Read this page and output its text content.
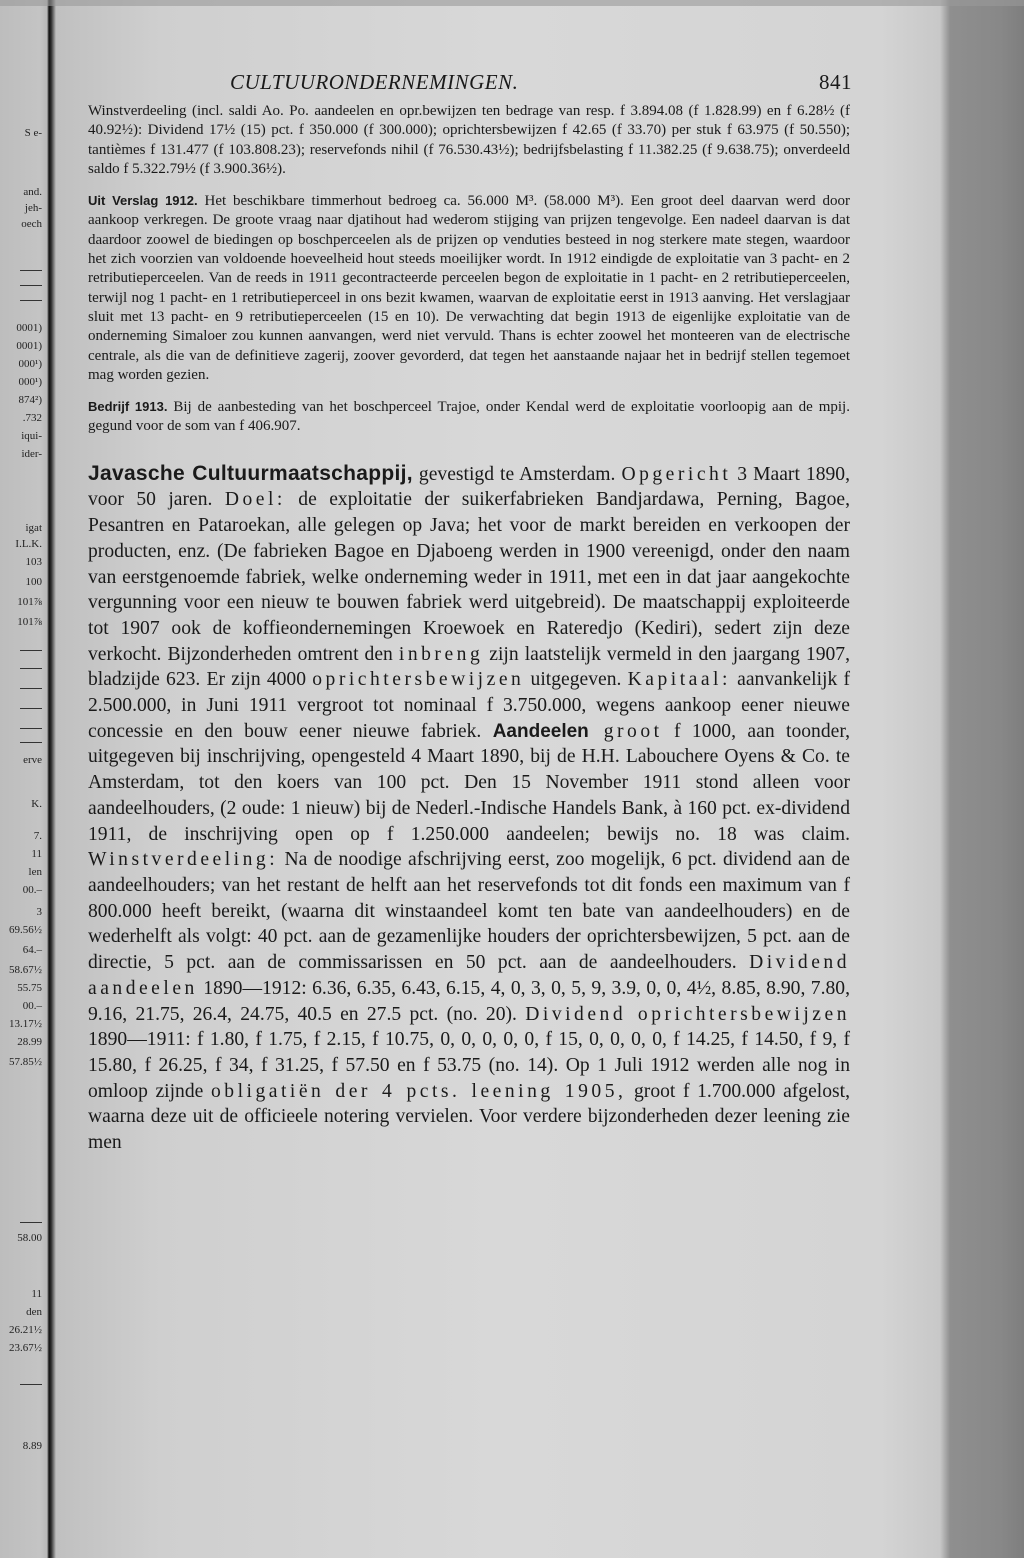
S e-
and.
jeh-
oech
0001)
0001)
000¹)
000¹)
874²)
.732
iqui-
ider-
igat
I.L.K.
103
100
101⅞
101⅞
erve
K.
7.
11
len
00.–
3
69.56½
64.–
58.67½
55.75
00.–
13.17½
28.99
57.85½
58.00
11
den
26.21½
23.67½
8.89
CULTUURONDERNEMINGEN.	841

Winstverdeeling (incl. saldi Ao. Po. aandeelen en opr.bewijzen ten bedrage van resp. f 3.894.08 (f 1.828.99) en f 6.28½ (f 40.92½): Dividend 17½ (15) pct. f 350.000 (f 300.000); oprichtersbewijzen f 42.65 (f 33.70) per stuk f 63.975 (f 50.550); tantièmes f 131.477 (f 103.808.23); reservefonds nihil (f 76.530.43½); bedrijfsbelasting f 11.382.25 (f 9.638.75); onverdeeld saldo f 5.322.79½ (f 3.900.36½).

Uit Verslag 1912. Het beschikbare timmerhout bedroeg ca. 56.000 M³. (58.000 M³). Een groot deel daarvan werd door aankoop verkregen. De groote vraag naar djatihout had wederom stijging van prijzen tengevolge. Een nadeel daarvan is dat daardoor zoowel de biedingen op boschperceelen als de prijzen op venduties besteed in nog sterkere mate stegen, waardoor het zich voorzien van voldoende hoeveelheid hout steeds moeilijker wordt. In 1912 eindigde de exploitatie van 3 pacht- en 2 retributieperceelen. Van de reeds in 1911 gecontracteerde perceelen begon de exploitatie in 1 pacht- en 2 retributieperceelen, terwijl nog 1 pacht- en 1 retributieperceel in ons bezit kwamen, waarvan de exploitatie eerst in 1913 aanving. Het verslagjaar sluit met 13 pacht- en 9 retributieperceelen (15 en 10). De verwachting dat begin 1913 de eigenlijke exploitatie van de onderneming Simaloer zou kunnen aanvangen, werd niet vervuld. Thans is echter zoowel het monteeren van de electrische centrale, als die van de definitieve zagerij, zoover gevorderd, dat tegen het aanstaande najaar het in bedrijf stellen tegemoet mag worden gezien.

Bedrijf 1913. Bij de aanbesteding van het boschperceel Trajoe, onder Kendal werd de exploitatie voorloopig aan de mpij. gegund voor de som van f 406.907.

Javasche Cultuurmaatschappij, gevestigd te Amsterdam. Opgericht 3 Maart 1890, voor 50 jaren. Doel: de exploitatie der suikerfabrieken Bandjardawa, Perning, Bagoe, Pesantren en Pataroekan, alle gelegen op Java; het voor de markt bereiden en verkoopen der producten, enz. (De fabrieken Bagoe en Djaboeng werden in 1900 vereenigd, onder den naam van eerstgenoemde fabriek, welke onderneming weder in 1911, met een in dat jaar aangekochte vergunning voor een nieuw te bouwen fabriek werd uitgebreid). De maatschappij exploiteerde tot 1907 ook de koffieondernemingen Kroewoek en Rateredjo (Kediri), sedert zijn deze verkocht. Bijzonderheden omtrent den inbreng zijn laatstelijk vermeld in den jaargang 1907, bladzijde 623. Er zijn 4000 oprichtersbewijzen uitgegeven. Kapitaal: aanvankelijk f 2.500.000, in Juni 1911 vergroot tot nominaal f 3.750.000, wegens aankoop eener nieuwe concessie en den bouw eener nieuwe fabriek. Aandeelen groot f 1000, aan toonder, uitgegeven bij inschrijving, opengesteld 4 Maart 1890, bij de H.H. Labouchere Oyens & Co. te Amsterdam, tot den koers van 100 pct. Den 15 November 1911 stond alleen voor aandeelhouders, (2 oude: 1 nieuw) bij de Nederl.-Indische Handels Bank, à 160 pct. ex-dividend 1911, de inschrijving open op f 1.250.000 aandeelen; bewijs no. 18 was claim. Winstverdeeling: Na de noodige afschrijving eerst, zoo mogelijk, 6 pct. dividend aan de aandeelhouders; van het restant de helft aan het reservefonds tot dit fonds een maximum van f 800.000 heeft bereikt, (waarna dit winstaandeel komt ten bate van aandeelhouders) en de wederhelft als volgt: 40 pct. aan de gezamenlijke houders der oprichtersbewijzen, 5 pct. aan de directie, 5 pct. aan de commissarissen en 50 pct. aan de aandeelhouders. Dividend aandeelen 1890—1912: 6.36, 6.35, 6.43, 6.15, 4, 0, 3, 0, 5, 9, 3.9, 0, 0, 4½, 8.85, 8.90, 7.80, 9.16, 21.75, 26.4, 24.75, 40.5 en 27.5 pct. (no. 20). Dividend oprichtersbewijzen 1890—1911: f 1.80, f 1.75, f 2.15, f 10.75, 0, 0, 0, 0, 0, f 15, 0, 0, 0, 0, f 14.25, f 14.50, f 9, f 15.80, f 26.25, f 34, f 31.25, f 57.50 en f 53.75 (no. 14). Op 1 Juli 1912 werden alle nog in omloop zijnde obligatiën der 4 pcts. leening 1905, groot f 1.700.000 afgelost, waarna deze uit de officieele notering vervielen. Voor verdere bijzonderheden dezer leening zie men
